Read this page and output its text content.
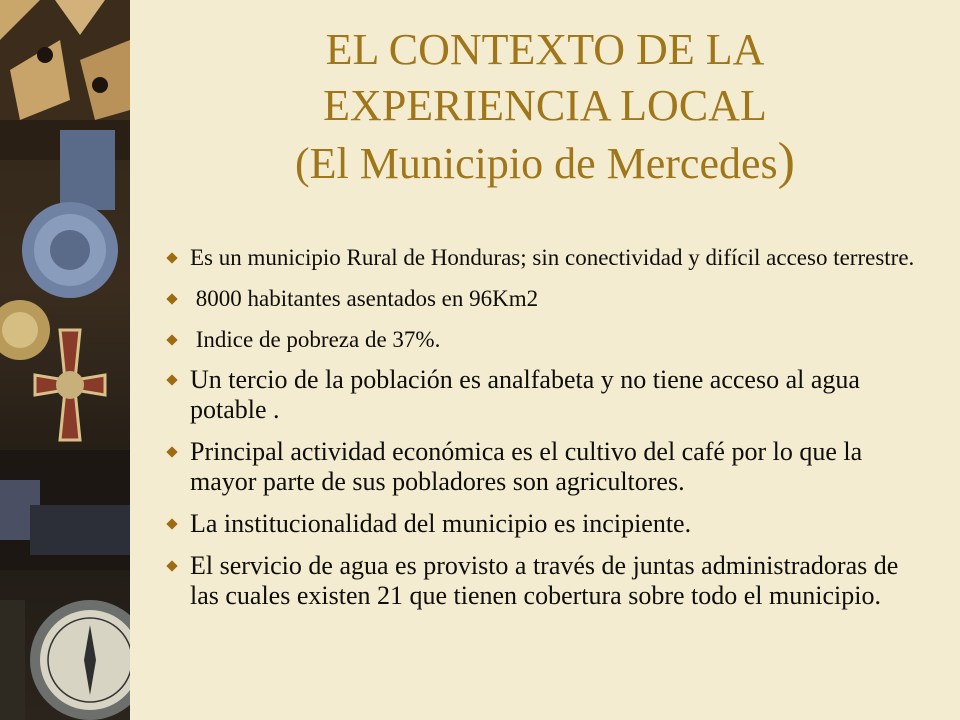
EL CONTEXTO DE LA
EXPERIENCIA LOCAL
(El Municipio de Mercedes)
Es un municipio Rural de Honduras; sin conectividad y difícil acceso terrestre.
8000 habitantes asentados en 96Km2
Indice de pobreza de 37%.
Un tercio de la población es analfabeta y no tiene acceso al agua potable .
Principal actividad económica es el cultivo del café por lo que la mayor parte de sus pobladores son agricultores.
La institucionalidad del municipio es incipiente.
El servicio de agua es provisto a través de juntas administradoras de las cuales existen 21 que tienen cobertura sobre todo el municipio.
